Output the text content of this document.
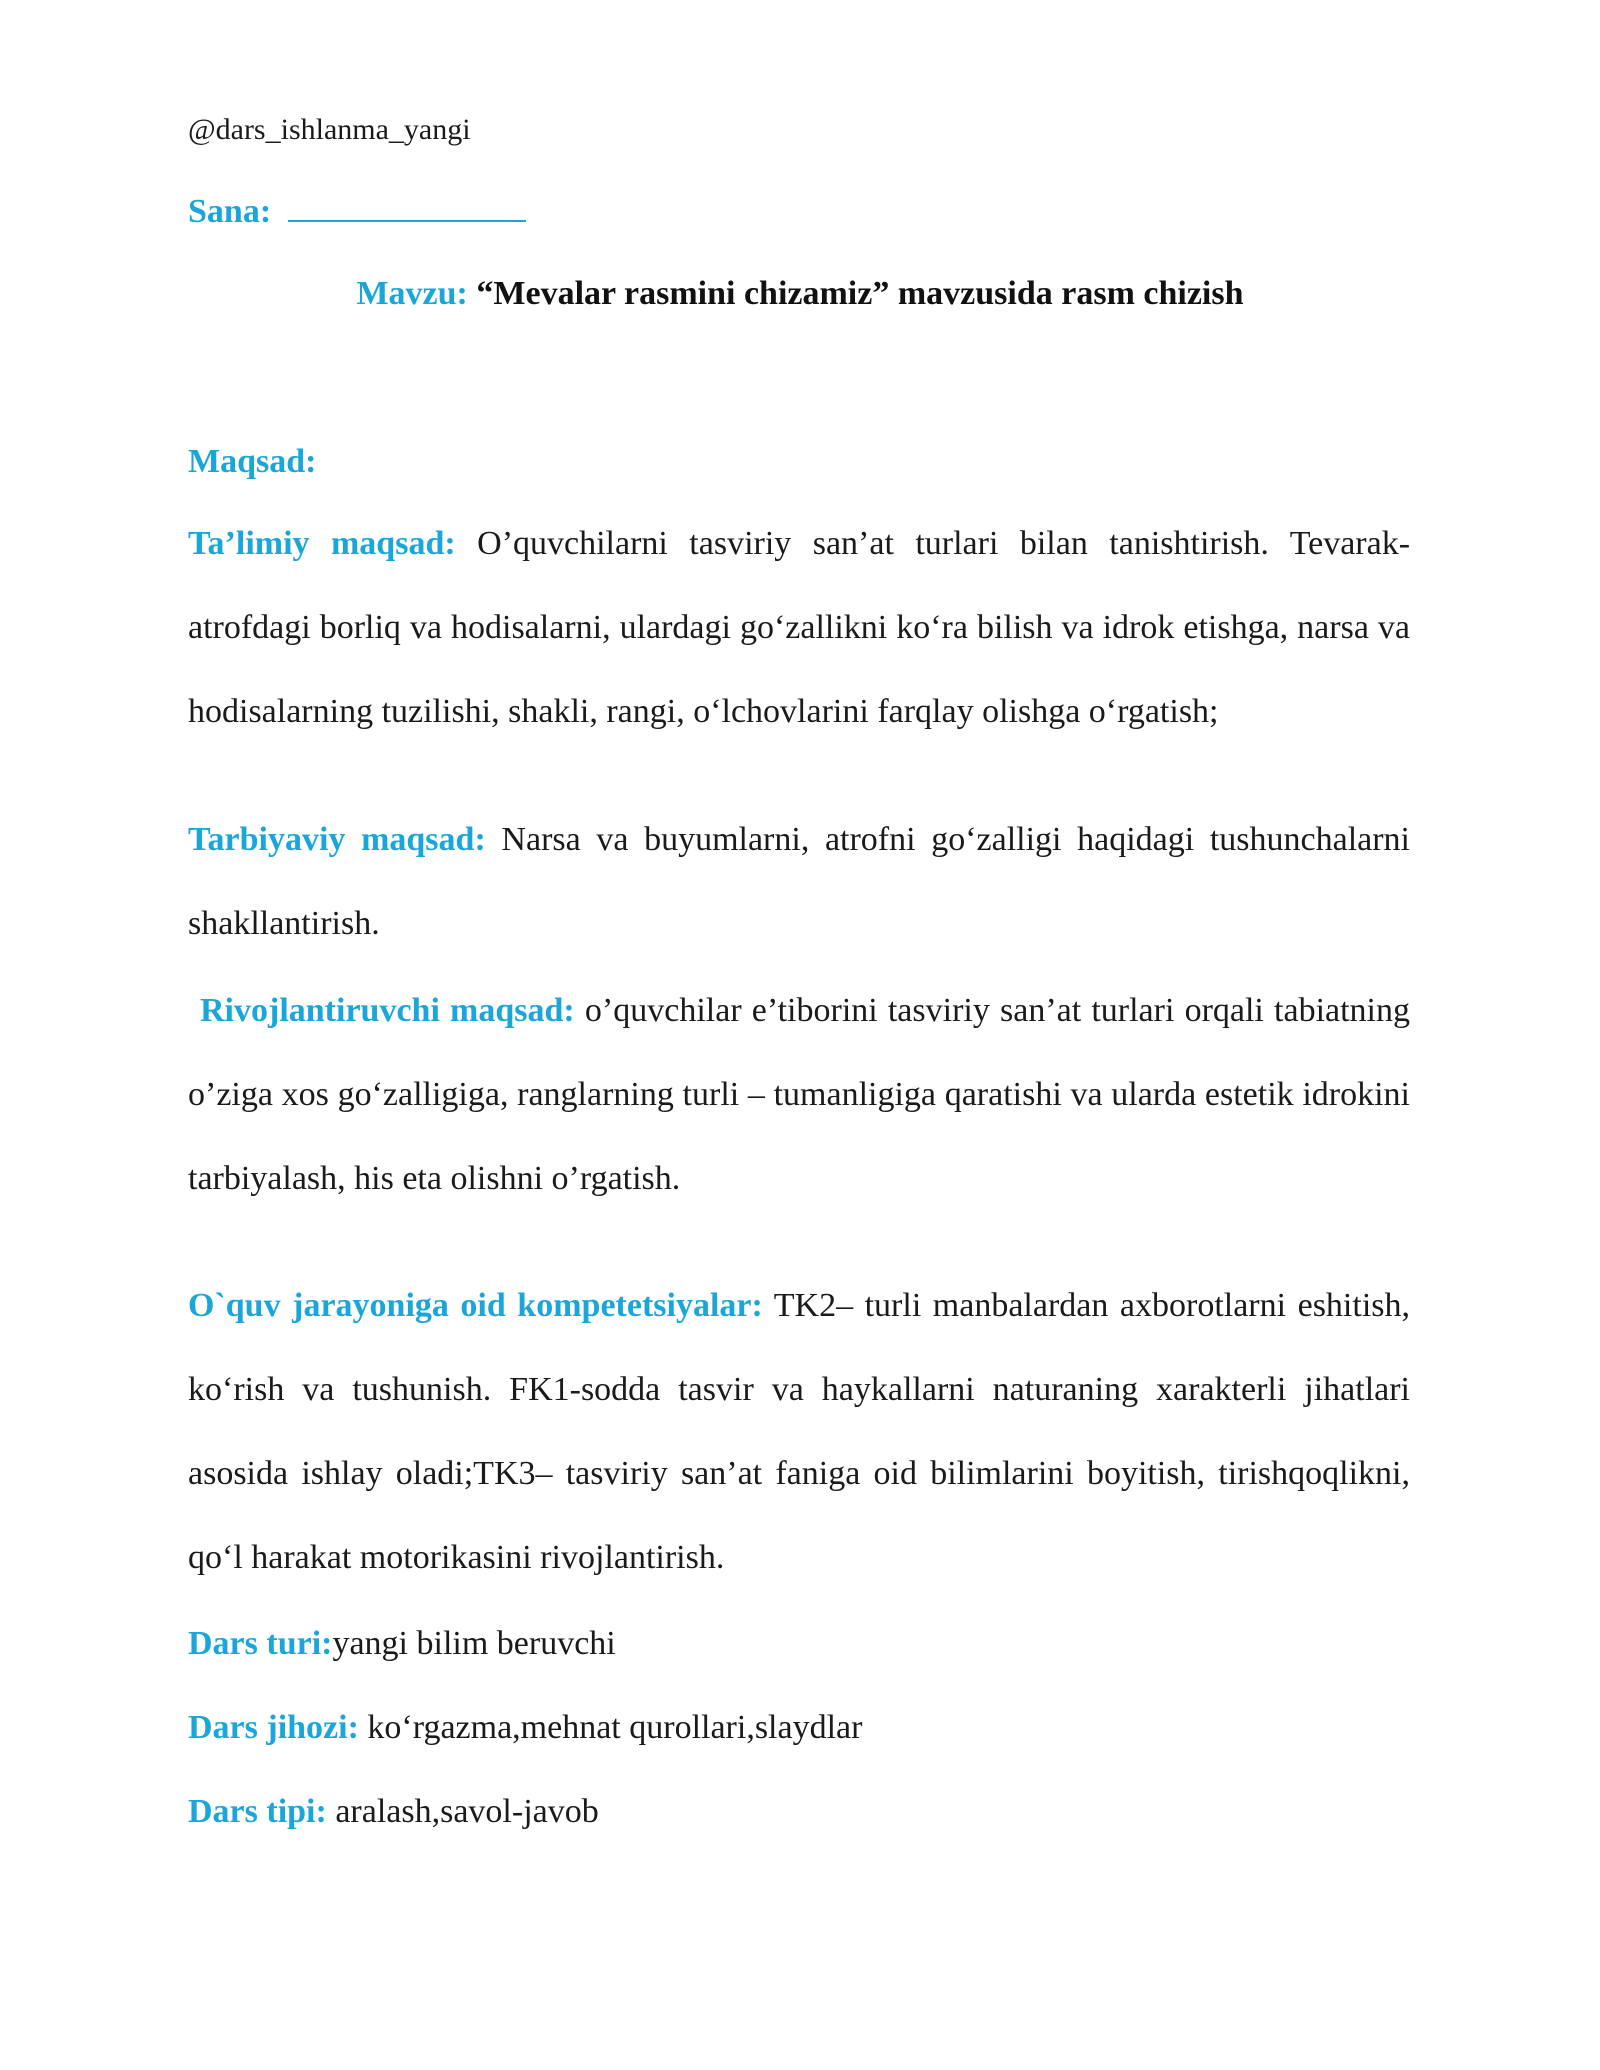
@dars_ishlanma_yangi
Sana:
Mavzu: “Mevalar rasmini chizamiz” mavzusida rasm chizish
Maqsad:
Ta’limiy maqsad: O’quvchilarni tasviriy san’at turlari bilan tanishtirish. Tevarak-atrofdagi borliq va hodisalarni, ulardagi go‘zallikni ko‘ra bilish va idrok etishga, narsa va hodisalarning tuzilishi, shakli, rangi, o‘lchovlarini farqlay olishga o‘rgatish;
Tarbiyaviy maqsad: Narsa va buyumlarni, atrofni go‘zalligi haqidagi tushunchalarni shakllantirish.
Rivojlantiruvchi maqsad: o’quvchilar e’tiborini tasviriy san’at turlari orqali tabiatning o’ziga xos go‘zalligiga, ranglarning turli – tumanligiga qaratishi va ularda estetik idrokini tarbiyalash, his eta olishni o’rgatish.
O`quv jarayoniga oid kompetetsiyalar: TK2– turli manbalardan axborotlarni eshitish, ko‘rish va tushunish. FK1-sodda tasvir va haykallarni naturaning xarakterli jihatlari asosida ishlay oladi;TK3– tasviriy san’at faniga oid bilimlarini boyitish, tirishqoqlikni, qo‘l harakat motorikasini rivojlantirish.
Dars turi:yangi bilim beruvchi
Dars jihozi: ko‘rgazma,mehnat qurollari,slaydlar
Dars tipi: aralash,savol-javob
